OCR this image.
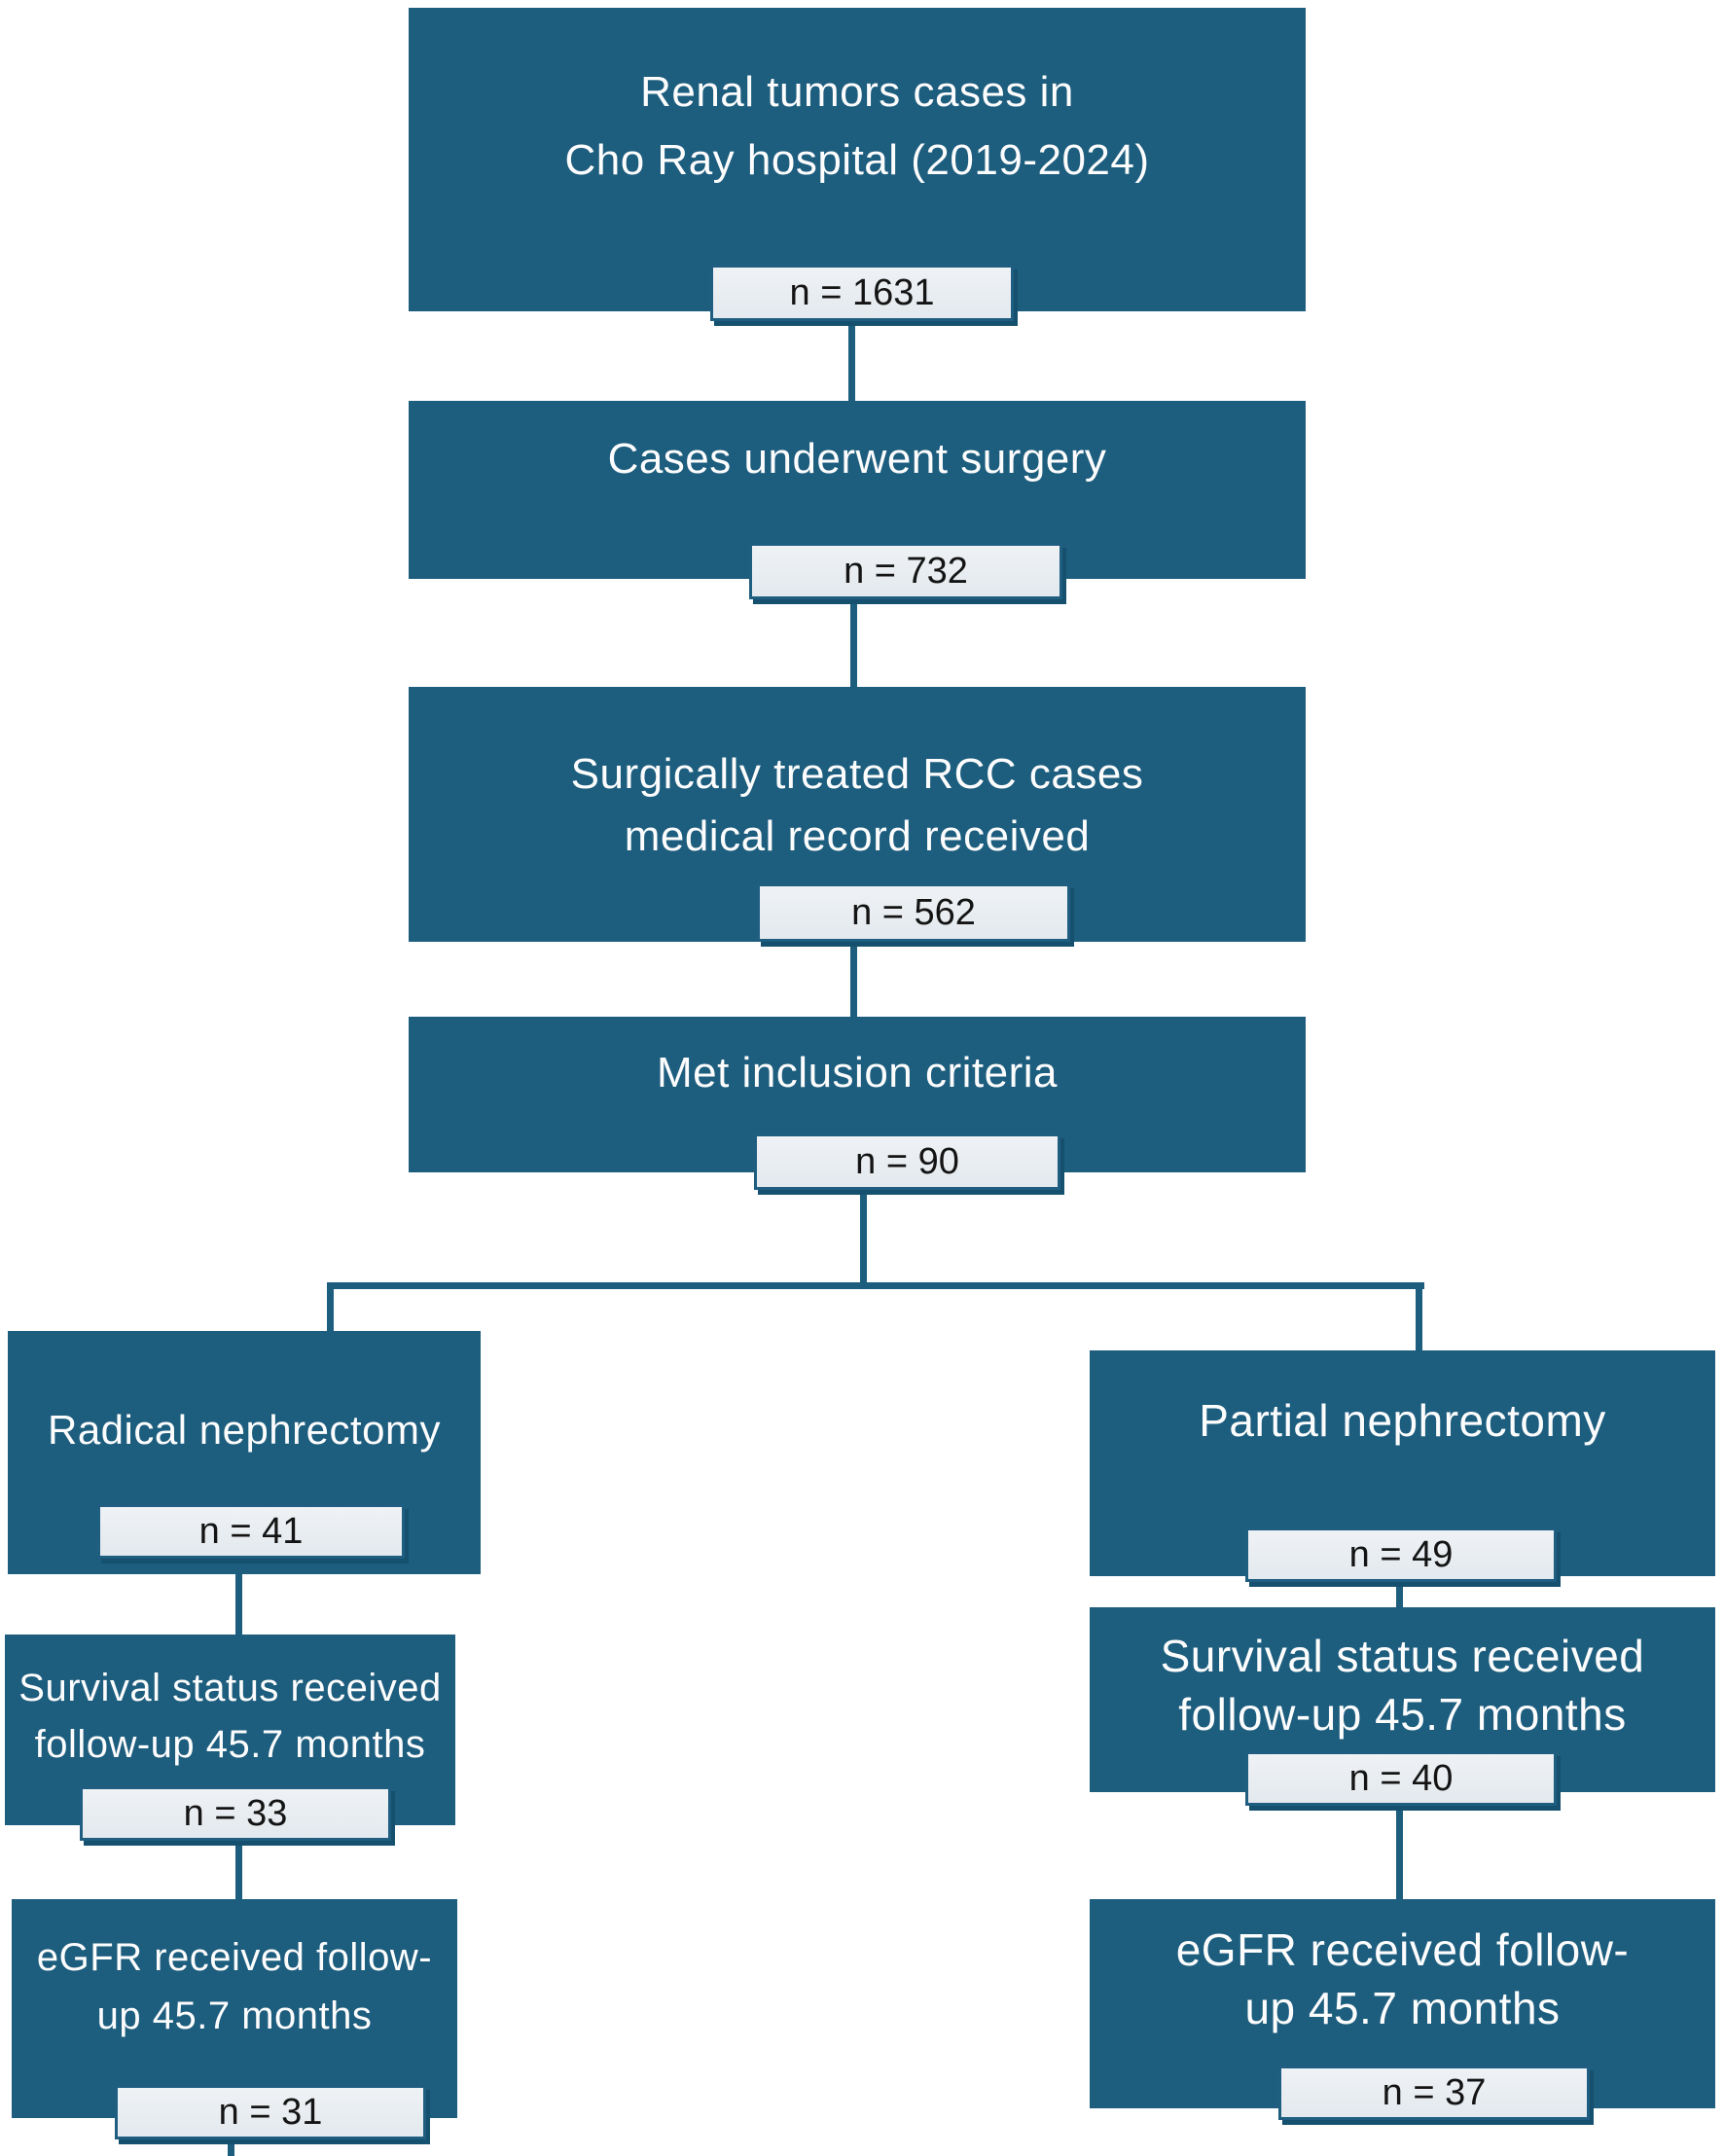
Renal tumors cases in
Cho Ray hospital (2019-2024)
n = 1631
Cases underwent surgery
n = 732
Surgically treated RCC cases
medical record received
n = 562
Met inclusion criteria
n = 90
Radical nephrectomy
n = 41
Survival status received
follow-up 45.7 months
n = 33
eGFR received follow-
up 45.7 months
n = 31
Partial nephrectomy
n = 49
Survival status received
follow-up 45.7 months
n = 40
eGFR received follow-
up 45.7 months
n = 37
